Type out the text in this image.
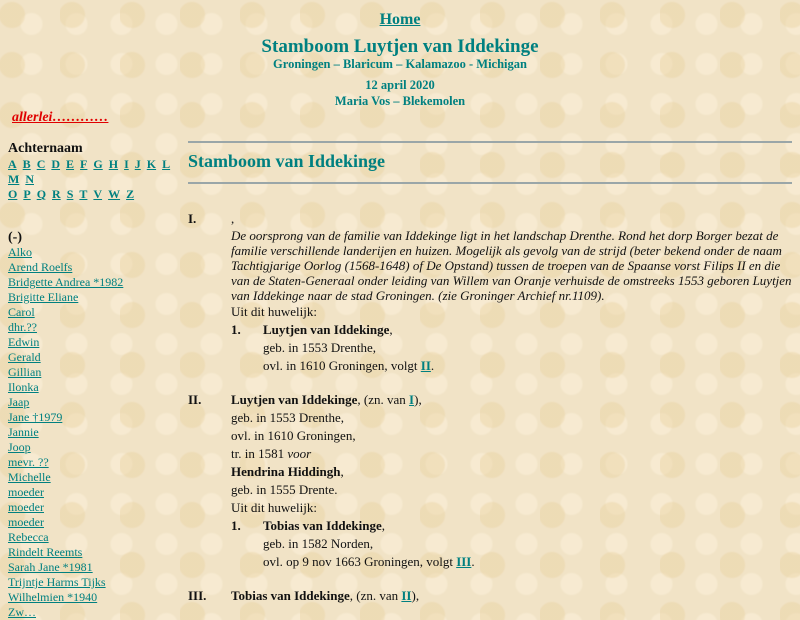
Home
Stamboom Luytjen van Iddekinge
Groningen – Blaricum – Kalamazoo - Michigan
12 april 2020
Maria Vos – Blekemolen
allerlei…………
Achternaam
A B C D E F G H I J K L M N
O P Q R S T V W Z
(-)
Alko
Arend Roelfs
Bridgette Andrea *1982
Brigitte Eliane
Carol
dhr.??
Edwin
Gerald
Gillian
Ilonka
Jaap
Jane †1979
Jannie
Joop
mevr. ??
Michelle
moeder
moeder
moeder
Rebecca
Rindelt Reemts
Sarah Jane *1981
Trijntje Harms Tijks
Wilhelmien *1940
Zw…
Stamboom van Iddekinge
I.	,
De oorsprong van de familie van Iddekinge ligt in het landschap Drenthe. Rond het dorp Borger bezat de familie verschillende landerijen en huizen. Mogelijk als gevolg van de strijd (beter bekend onder de naam Tachtigjarige Oorlog (1568-1648) of De Opstand) tussen de troepen van de Spaanse vorst Filips II en die van de Staten-Generaal onder leiding van Willem van Oranje verhuisde de omstreeks 1553 geboren Luytjen van Iddekinge naar de stad Groningen. (zie Groninger Archief nr.1109).
Uit dit huwelijk:
1. Luytjen van Iddekinge,
geb. in 1553 Drenthe,
ovl. in 1610 Groningen, volgt II.
II. Luytjen van Iddekinge, (zn. van I),
geb. in 1553 Drenthe,
ovl. in 1610 Groningen,
tr. in 1581 voor
Hendrina Hiddingh,
geb. in 1555 Drente.
Uit dit huwelijk:
1. Tobias van Iddekinge,
geb. in 1582 Norden,
ovl. op 9 nov 1663 Groningen, volgt III.
III. Tobias van Iddekinge, (zn. van II),
